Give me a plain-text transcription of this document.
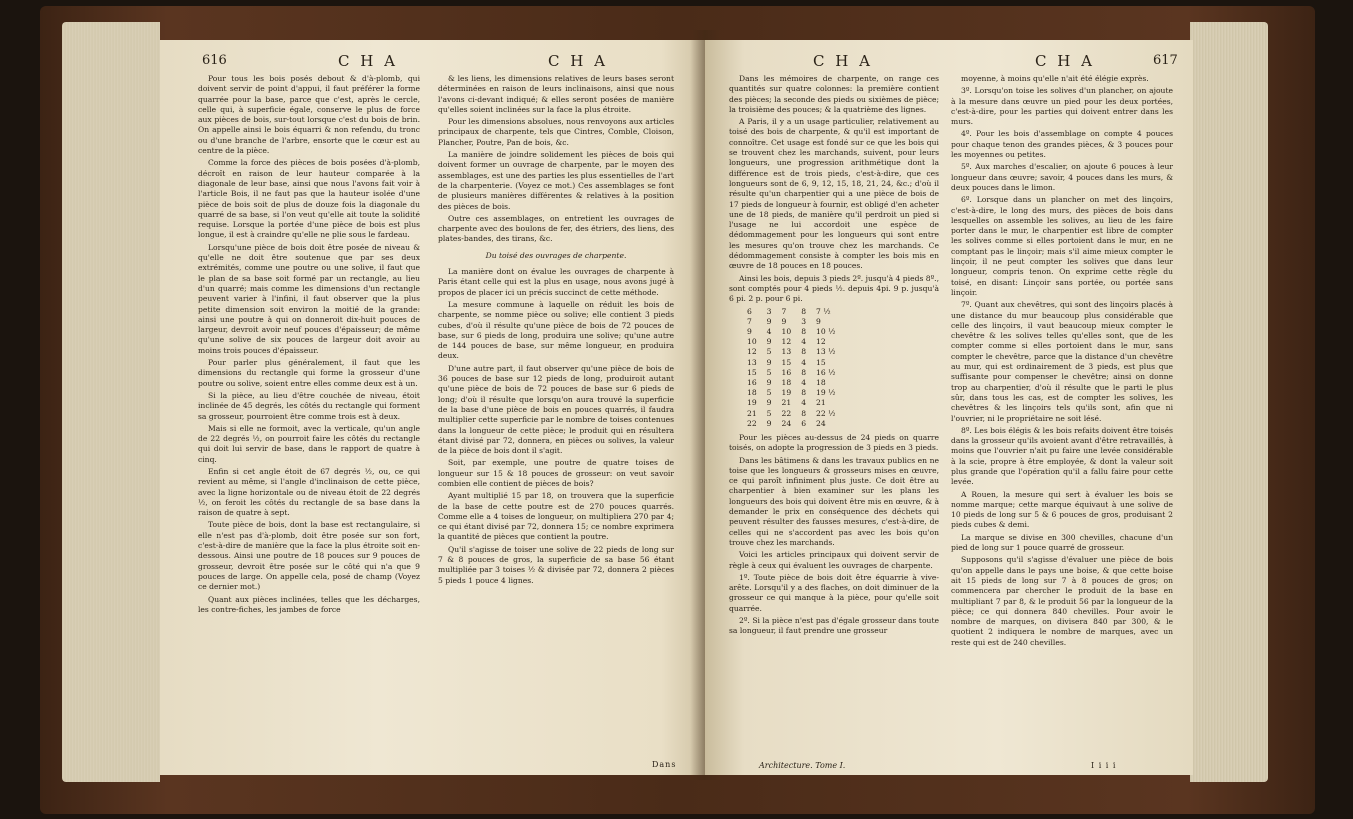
616	C H A	C H A

Pour tous les bois posés debout & d'à-plomb, qui doivent servir de point d'appui, il faut préférer la forme quarrée pour la base, parce que c'est, après le cercle, celle qui, à superficie égale, conserve le plus de force aux pièces de bois, sur-tout lorsque c'est du bois de brin. On appelle ainsi le bois équarri & non refendu, du tronc ou d'une branche de l'arbre, ensorte que le cœur est au centre de la pièce.

Comme la force des pièces de bois posées d'à-plomb, décroît en raison de leur hauteur comparée à la diagonale de leur base, ainsi que nous l'avons fait voir à l'article Bois, il ne faut pas que la hauteur isolée d'une pièce de bois soit de plus de douze fois la diagonale du quarré de sa base, si l'on veut qu'elle ait toute la solidité requise. Lorsque la portée d'une pièce de bois est plus longue, il est à craindre qu'elle ne plie sous le fardeau.

Lorsqu'une pièce de bois doit être posée de niveau & qu'elle ne doit être soutenue que par ses deux extrémités, comme une poutre ou une solive, il faut que le plan de sa base soit formé par un rectangle, au lieu d'un quarré; mais comme les dimensions d'un rectangle peuvent varier à l'infini, il faut observer que la plus petite dimension soit environ la moitié de la grande: ainsi une poutre à qui on donneroit dix-huit pouces de largeur, devroit avoir neuf pouces d'épaisseur; de même qu'une solive de six pouces de largeur doit avoir au moins trois pouces d'épaisseur.

Pour parler plus généralement, il faut que les dimensions du rectangle qui forme la grosseur d'une poutre ou solive, soient entre elles comme deux est à un.

Si la pièce, au lieu d'être couchée de niveau, étoit inclinée de 45 degrés, les côtés du rectangle qui forment sa grosseur, pourroient être comme trois est à deux.

Mais si elle ne formoit, avec la verticale, qu'un angle de 22 degrés ½, on pourroit faire les côtés du rectangle qui doit lui servir de base, dans le rapport de quatre à cinq.

Enfin si cet angle étoit de 67 degrés ½, ou, ce qui revient au même, si l'angle d'inclinaison de cette pièce, avec la ligne horizontale ou de niveau étoit de 22 degrés ½, on feroit les côtés du rectangle de sa base dans la raison de quatre à sept.

Toute pièce de bois, dont la base est rectangulaire, si elle n'est pas d'à-plomb, doit être posée sur son fort, c'est-à-dire de manière que la face la plus étroite soit en-dessous. Ainsi une poutre de 18 pouces sur 9 pouces de grosseur, devroit être posée sur le côté qui n'a que 9 pouces de large. On appelle cela, posé de champ (Voyez ce dernier mot.)

Quant aux pièces inclinées, telles que les décharges, les contre-fiches, les jambes de force

& les liens, les dimensions relatives de leurs bases seront déterminées en raison de leurs inclinaisons, ainsi que nous l'avons ci-devant indiqué; & elles seront posées de manière qu'elles soient inclinées sur la face la plus étroite.

Pour les dimensions absolues, nous renvoyons aux articles principaux de charpente, tels que Cintres, Comble, Cloison, Plancher, Poutre, Pan de bois, &c.

La manière de joindre solidement les pièces de bois qui doivent former un ouvrage de charpente, par le moyen des assemblages, est une des parties les plus essentielles de l'art de la charpenterie. (Voyez ce mot.) Ces assemblages se font de plusieurs manières différentes & relatives à la position des pièces de bois.

Outre ces assemblages, on entretient les ouvrages de charpente avec des boulons de fer, des étriers, des liens, des plates-bandes, des tirans, &c.

Du toisé des ouvrages de charpente.

La manière dont on évalue les ouvrages de charpente à Paris étant celle qui est la plus en usage, nous avons jugé à propos de placer ici un précis succinct de cette méthode.

La mesure commune à laquelle on réduit les bois de charpente, se nomme pièce ou solive; elle contient 3 pieds cubes, d'où il résulte qu'une pièce de bois de 72 pouces de base, sur 6 pieds de long, produira une solive; qu'une autre de 144 pouces de base, sur même longueur, en produira deux.

D'une autre part, il faut observer qu'une pièce de bois de 36 pouces de base sur 12 pieds de long, produiroit autant qu'une pièce de bois de 72 pouces de base sur 6 pieds de long; d'où il résulte que lorsqu'on aura trouvé la superficie de la base d'une pièce de bois en pouces quarrés, il faudra multiplier cette superficie par le nombre de toises contenues dans la longueur de cette pièce; le produit qui en résultera étant divisé par 72, donnera, en pièces ou solives, la valeur de la pièce de bois dont il s'agit.

Soit, par exemple, une poutre de quatre toises de longueur sur 15 & 18 pouces de grosseur: on veut savoir combien elle contient de pièces de bois?

Ayant multiplié 15 par 18, on trouvera que la superficie de la base de cette poutre est de 270 pouces quarrés. Comme elle a 4 toises de longueur, on multipliera 270 par 4; ce qui étant divisé par 72, donnera 15; ce nombre exprimera la quantité de pièces que contient la poutre.

Qu'il s'agisse de toiser une solive de 22 pieds de long sur 7 & 8 pouces de gros, la superficie de sa base 56 étant multipliée par 3 toises ½ & divisée par 72, donnera 2 pièces 5 pieds 1 pouce 4 lignes.

Dans
C H A	C H A	617

Dans les mémoires de charpente, on range ces quantités sur quatre colonnes: la première contient des pièces; la seconde des pieds ou sixièmes de pièce; la troisième des pouces; & la quatrième des lignes.

A Paris, il y a un usage particulier, relativement au toisé des bois de charpente, & qu'il est important de connoître. Cet usage est fondé sur ce que les bois qui se trouvent chez les marchands, suivent, pour leurs longueurs, une progression arithmétique dont la différence est de trois pieds, c'est-à-dire, que ces longueurs sont de 6, 9, 12, 15, 18, 21, 24, &c.; d'où il résulte qu'un charpentier qui a une pièce de bois de 17 pieds de longueur à fournir, est obligé d'en acheter une de 18 pieds, de manière qu'il perdroit un pied si l'usage ne lui accordoit une espèce de dédommagement pour les longueurs qui sont entre les mesures qu'on trouve chez les marchands. Ce dédommagement consiste à compter les bois mis en œuvre de 18 pouces en 18 pouces.

Ainsi les bois, depuis 3 pieds 2º. jusqu'à 4 pieds 8º., sont comptés pour 4 pieds ½. depuis 4pi. 9 p. jusqu'à 6 pi. 2 p. pour 6 pi.

6	3	7	8	7 ½
7	9	9	3	9
9	4	10	8	10 ½
10	9	12	4	12
12	5	13	8	13 ½
13	9	15	4	15
15	5	16	8	16 ½
16	9	18	4	18
18	5	19	8	19 ½
19	9	21	4	21
21	5	22	8	22 ½
22	9	24	6	24

Pour les pièces au-dessus de 24 pieds on quarre toisés, on adopte la progression de 3 pieds en 3 pieds.

Dans les bâtimens & dans les travaux publics en ne toise que les longueurs & grosseurs mises en œuvre, ce qui paroît infiniment plus juste. Ce doit être au charpentier à bien examiner sur les plans les longueurs des bois qui doivent être mis en œuvre, & à demander le prix en conséquence des déchets qui peuvent résulter des fausses mesures, c'est-à-dire, de celles qui ne s'accordent pas avec les bois qu'on trouve chez les marchands.

Voici les articles principaux qui doivent servir de règle à ceux qui évaluent les ouvrages de charpente.

1º. Toute pièce de bois doit être équarrie à vive-arête. Lorsqu'il y a des flaches, on doit diminuer de la grosseur ce qui manque à la pièce, pour qu'elle soit quarrée.

2º. Si la pièce n'est pas d'égale grosseur dans toute sa longueur, il faut prendre une grosseur

moyenne, à moins qu'elle n'ait été élégie exprès.

3º. Lorsqu'on toise les solives d'un plancher, on ajoute à la mesure dans œuvre un pied pour les deux portées, c'est-à-dire, pour les parties qui doivent entrer dans les murs.

4º. Pour les bois d'assemblage on compte 4 pouces pour chaque tenon des grandes pièces, & 3 pouces pour les moyennes ou petites.

5º. Aux marches d'escalier, on ajoute 6 pouces à leur longueur dans œuvre; savoir, 4 pouces dans les murs, & deux pouces dans le limon.

6º. Lorsque dans un plancher on met des linçoirs, c'est-à-dire, le long des murs, des pièces de bois dans lesquelles on assemble les solives, au lieu de les faire porter dans le mur, le charpentier est libre de compter les solives comme si elles portoient dans le mur, en ne comptant pas le linçoir; mais s'il aime mieux compter le linçoir, il ne peut compter les solives que dans leur longueur, compris tenon. On exprime cette règle du toisé, en disant: Linçoir sans portée, ou portée sans linçoir.

7º. Quant aux chevêtres, qui sont des linçoirs placés à une distance du mur beaucoup plus considérable que celle des linçoirs, il vaut beaucoup mieux compter le chevêtre & les solives telles qu'elles sont, que de les compter comme si elles portoient dans le mur, sans compter le chevêtre, parce que la distance d'un chevêtre au mur, qui est ordinairement de 3 pieds, est plus que suffisante pour compenser le chevêtre; ainsi on donne trop au charpentier, d'où il résulte que le parti le plus sûr, dans tous les cas, est de compter les solives, les chevêtres & les linçoirs tels qu'ils sont, afin que ni l'ouvrier, ni le propriétaire ne soit lésé.

8º. Les bois élégis & les bois refaits doivent être toisés dans la grosseur qu'ils avoient avant d'être retravaillés, à moins que l'ouvrier n'ait pu faire une levée considérable à la scie, propre à être employée, & dont la valeur soit plus grande que l'opération qu'il a fallu faire pour cette levée.

A Rouen, la mesure qui sert à évaluer les bois se nomme marque; cette marque équivaut à une solive de 10 pieds de long sur 5 & 6 pouces de gros, produisant 2 pieds cubes & demi.

La marque se divise en 300 chevilles, chacune d'un pied de long sur 1 pouce quarré de grosseur.

Supposons qu'il s'agisse d'évaluer une pièce de bois qu'on appelle dans le pays une boise, & que cette boise ait 15 pieds de long sur 7 à 8 pouces de gros; on commencera par chercher le produit de la base en multipliant 7 par 8, & le produit 56 par la longueur de la pièce; ce qui donnera 840 chevilles. Pour avoir le nombre de marques, on divisera 840 par 300, & le quotient 2 indiquera le nombre de marques, avec un reste qui est de 240 chevilles.

Architecture. Tome I.	I i i i
